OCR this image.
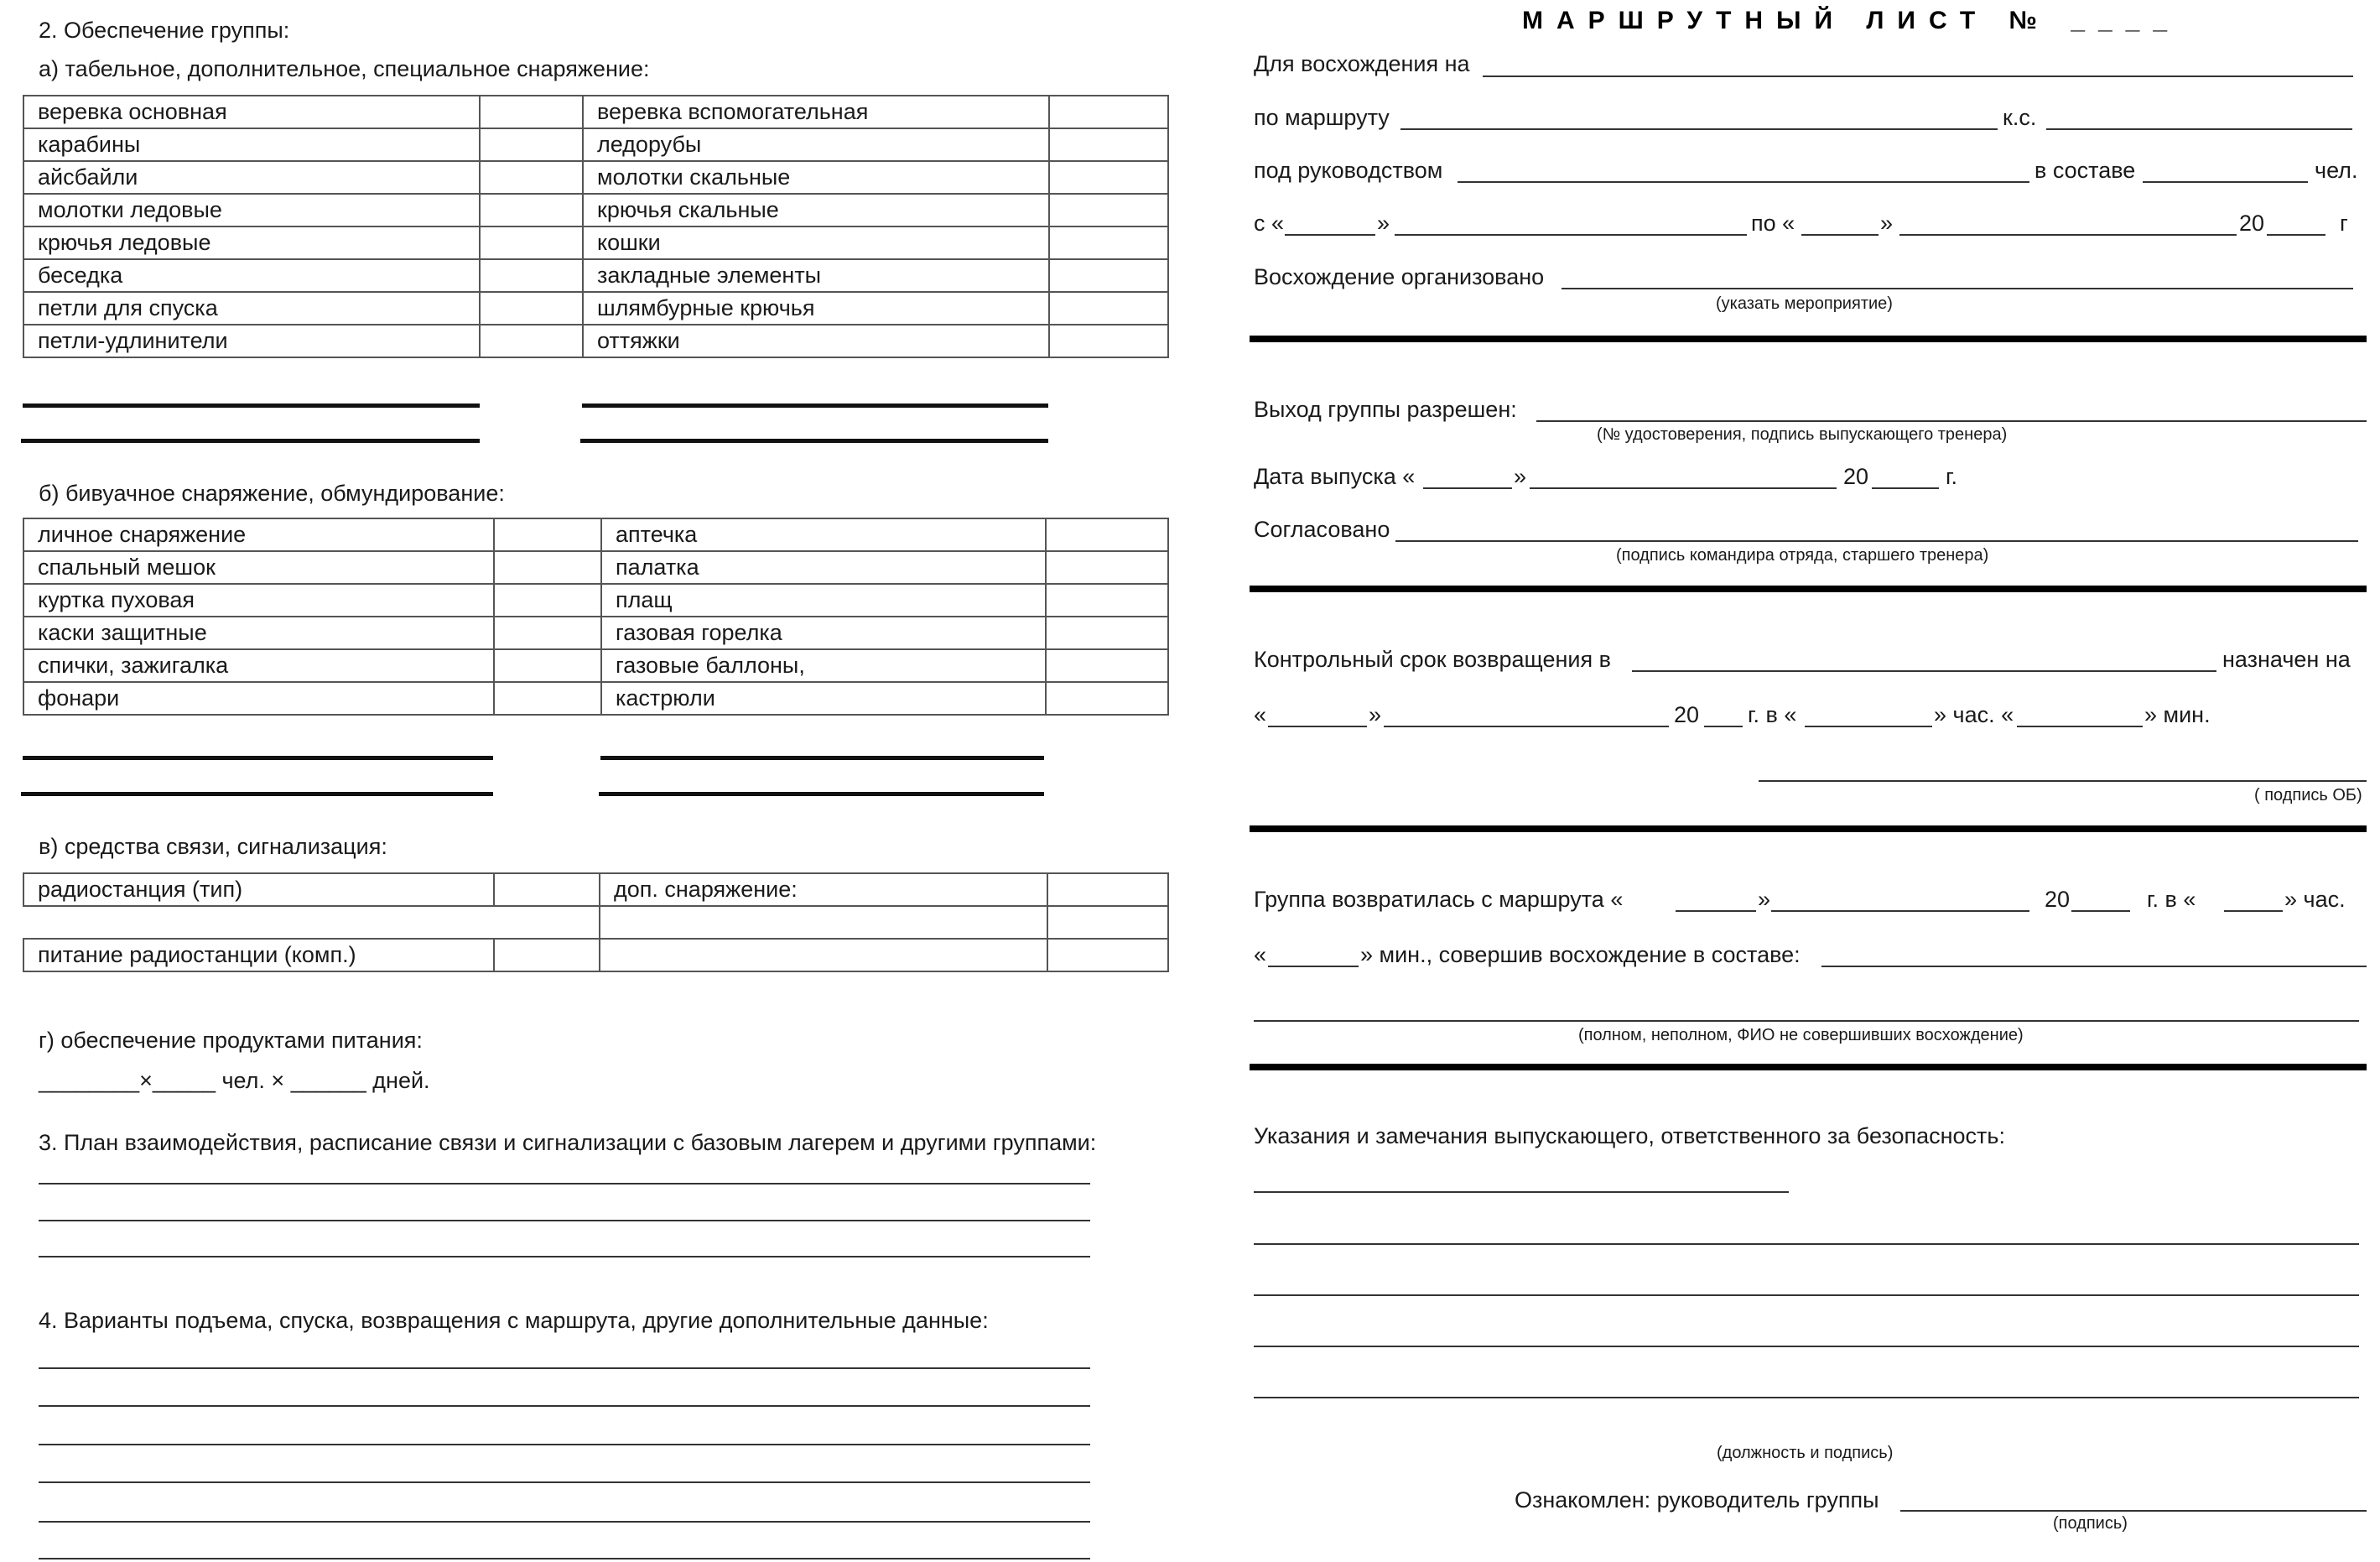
2. Обеспечение группы:
а) табельное, дополнительное, специальное снаряжение:
веревка основная		веревка вспомогательная	
карабины		ледорубы	
айсбайли		молотки скальные	
молотки ледовые		крючья скальные	
крючья ледовые		кошки	
беседка		закладные элементы	
петли для спуска		шлямбурные крючья	
петли-удлинители		оттяжки	
б) бивуачное снаряжение, обмундирование:
личное снаряжение		аптечка	
спальный мешок		палатка	
куртка пуховая		плащ	
каски защитные		газовая горелка	
спички, зажигалка		газовые баллоны,	
фонари		кастрюли	
в) средства связи, сигнализация:
радиостанция (тип)		доп. снаряжение:	

питание радиостанции (комп.)			
г) обеспечение продуктами питания:
________×_____ чел. × ______ дней.
3. План взаимодействия, расписание связи и сигнализации с базовым лагерем и другими группами:
4. Варианты подъема, спуска, возвращения с маршрута, другие дополнительные данные:
МАРШРУТНЫЙ ЛИСТ № ____
Для восхождения на
по маршруту	к.с.
под руководством	в составе	чел.
с «	»	по «	»	20	г
Восхождение организовано
(указать мероприятие)
Выход группы разрешен:
(№ удостоверения, подпись выпускающего тренера)
Дата выпуска «	»	20	г.
Согласовано
(подпись командира отряда, старшего тренера)
Контрольный срок возвращения в	назначен на
«	»	20 г. в «	» час. «	» мин.
( подпись ОБ)
Группа возвратилась с маршрута «	»	20	г. в «	» час.
«	» мин., совершив восхождение в составе:
(полном, неполном, ФИО не совершивших восхождение)
Указания и замечания выпускающего, ответственного за безопасность:
(должность и подпись)
Ознакомлен: руководитель группы
(подпись)
